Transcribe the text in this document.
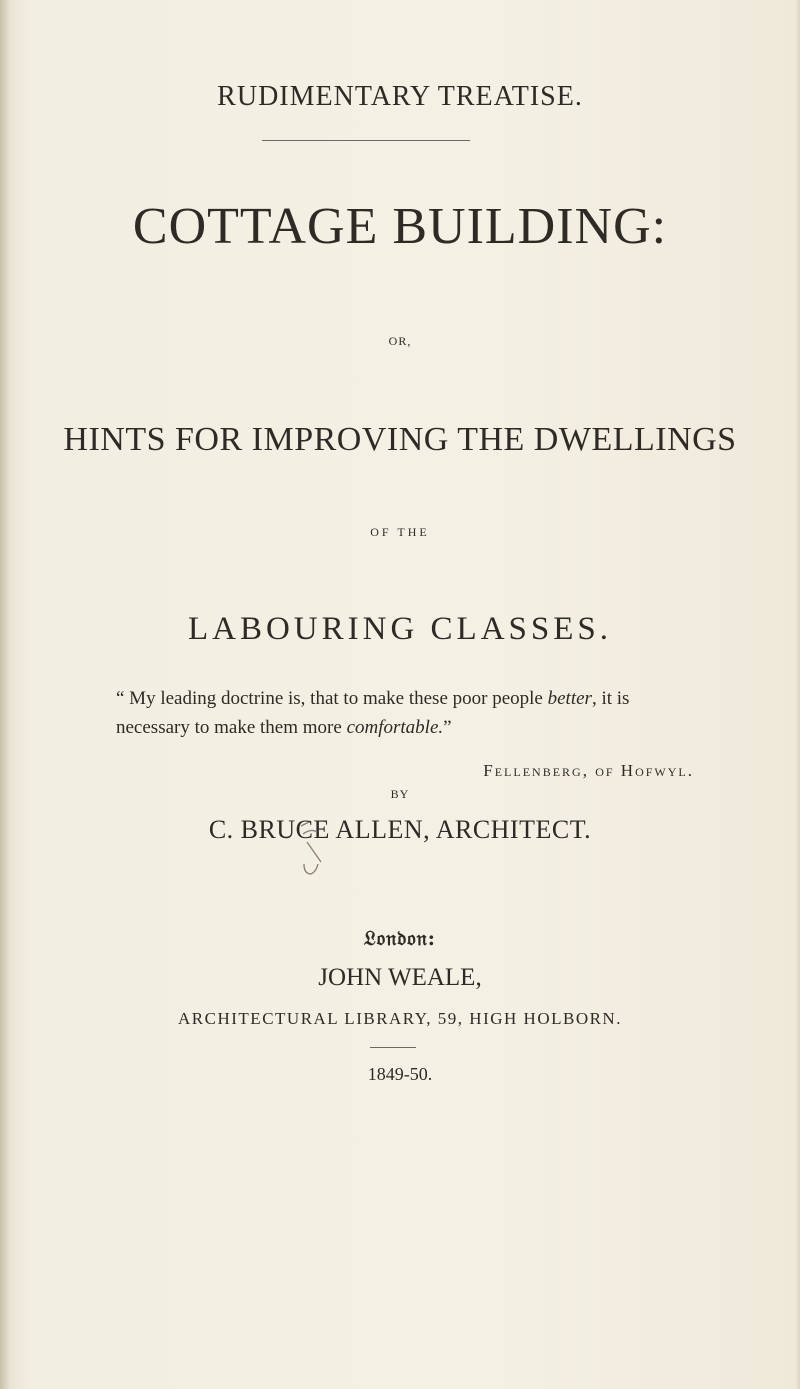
RUDIMENTARY TREATISE.
COTTAGE BUILDING:
OR,
HINTS FOR IMPROVING THE DWELLINGS
OF THE
LABOURING CLASSES.
“ My leading doctrine is, that to make these poor people better, it is
necessary to make them more comfortable.”
Fellenberg, of Hofwyl.
BY
C. BRUCE ALLEN, ARCHITECT.
𝔏𝔬𝔫𝔡𝔬𝔫:
JOHN WEALE,
ARCHITECTURAL LIBRARY, 59, HIGH HOLBORN.
1849-50.
